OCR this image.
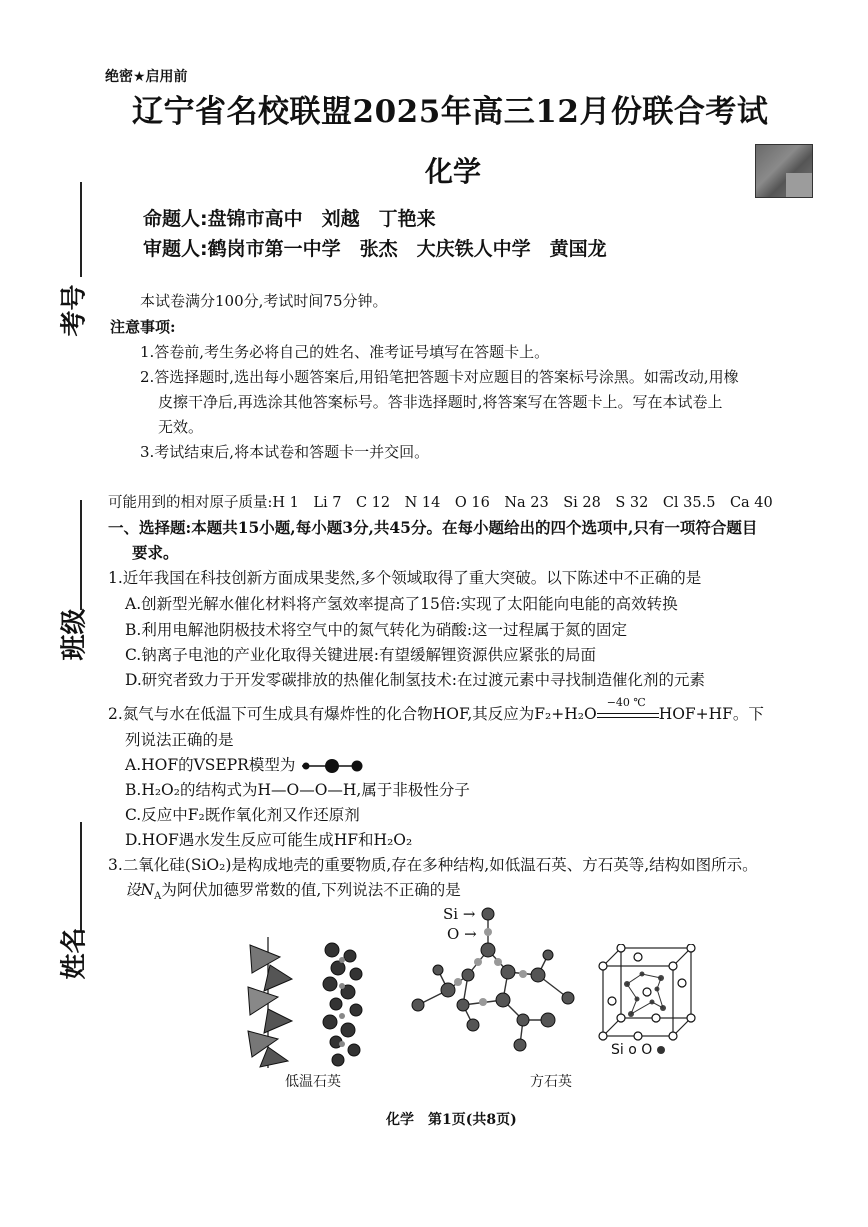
考号
班级
姓名
绝密★启用前
辽宁省名校联盟2025年高三12月份联合考试
化学
命题人:盘锦市高中　刘越　丁艳来
审题人:鹤岗市第一中学　张杰　大庆铁人中学　黄国龙
本试卷满分100分,考试时间75分钟。
注意事项:
1.答卷前,考生务必将自己的姓名、准考证号填写在答题卡上。
2.答选择题时,选出每小题答案后,用铅笔把答题卡对应题目的答案标号涂黑。如需改动,用橡
皮擦干净后,再选涂其他答案标号。答非选择题时,将答案写在答题卡上。写在本试卷上
无效。
3.考试结束后,将本试卷和答题卡一并交回。
可能用到的相对原子质量:H 1　Li 7　C 12　N 14　O 16　Na 23　Si 28　S 32　Cl 35.5　Ca 40
一、选择题:本题共15小题,每小题3分,共45分。在每小题给出的四个选项中,只有一项符合题目
要求。
1.近年我国在科技创新方面成果斐然,多个领域取得了重大突破。以下陈述中不正确的是
A.创新型光解水催化材料将产氢效率提高了15倍:实现了太阳能向电能的高效转换
B.利用电解池阴极技术将空气中的氮气转化为硝酸:这一过程属于氮的固定
C.钠离子电池的产业化取得关键进展:有望缓解锂资源供应紧张的局面
D.研究者致力于开发零碳排放的热催化制氢技术:在过渡元素中寻找制造催化剂的元素
2.氮气与水在低温下可生成具有爆炸性的化合物HOF,其反应为F₂+H₂O
−40 ℃
HOF+HF。下
列说法正确的是
A.HOF的VSEPR模型为
B.H₂O₂的结构式为H—O—O—H,属于非极性分子
C.反应中F₂既作氧化剂又作还原剂
D.HOF遇水发生反应可能生成HF和H₂O₂
3.二氧化硅(SiO₂)是构成地壳的重要物质,存在多种结构,如低温石英、方石英等,结构如图所示。
设$N_A$为阿伏加德罗常数的值,下列说法不正确的是
低温石英
Si →
O →
方石英
Si o O
化学　第1页(共8页)
